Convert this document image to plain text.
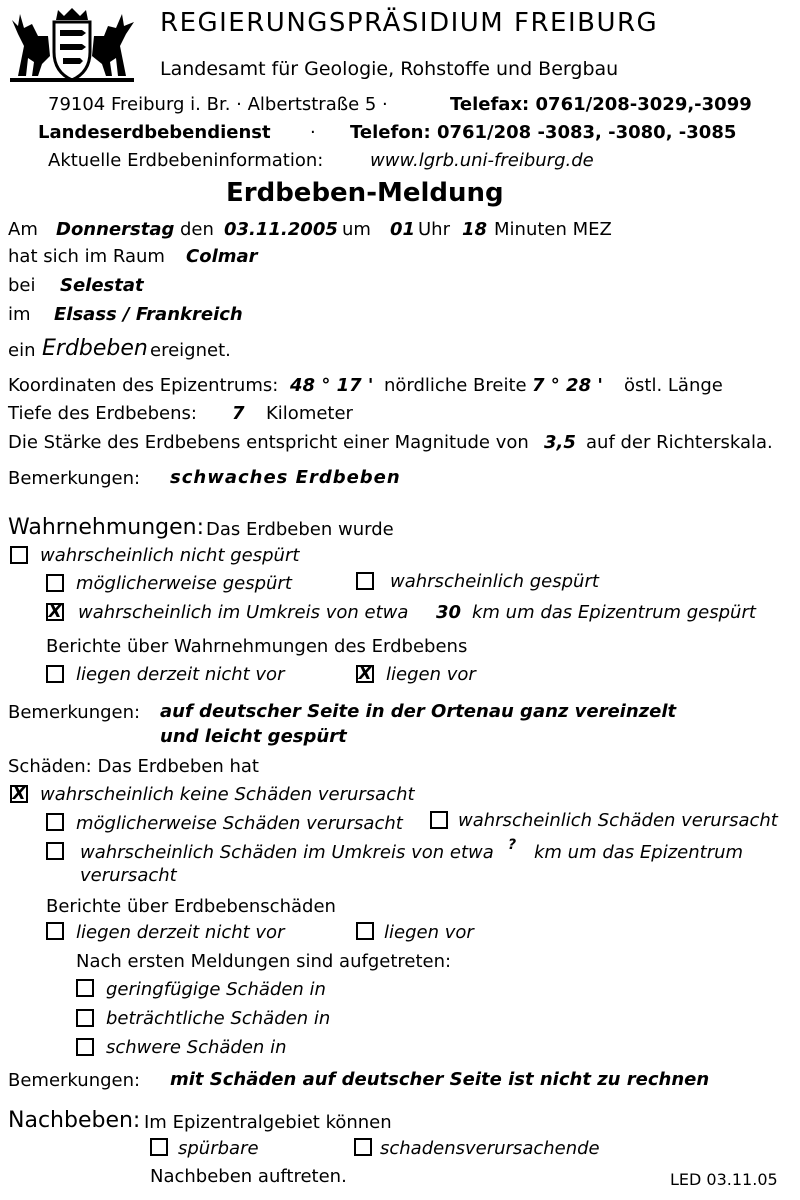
REGIERUNGSPRÄSIDIUM FREIBURG
Landesamt für Geologie, Rohstoffe und Bergbau
79104 Freiburg i. Br. · Albertstraße 5 ·	Telefax: 0761/208-3029,-3099
Landeserdbebendienst · Telefon: 0761/208 -3083, -3080, -3085
Aktuelle Erdbebeninformation:	www.lgrb.uni-freiburg.de
Erdbeben-Meldung
Am Donnerstag den 03.11.2005 um 01 Uhr 18 Minuten MEZ
hat sich im Raum Colmar
bei Selestat
im Elsass / Frankreich
ein Erdbeben ereignet.
Koordinaten des Epizentrums: 48 ° 17 ' nördliche Breite 7 ° 28 ' östl. Länge
Tiefe des Erdbebens: 7 Kilometer
Die Stärke des Erdbebens entspricht einer Magnitude von 3,5 auf der Richterskala.
Bemerkungen: schwaches Erdbeben
Wahrnehmungen: Das Erdbeben wurde
wahrscheinlich nicht gespürt
möglicherweise gespürt	wahrscheinlich gespürt
X wahrscheinlich im Umkreis von etwa 30 km um das Epizentrum gespürt
Berichte über Wahrnehmungen des Erdbebens
liegen derzeit nicht vor	X liegen vor
Bemerkungen: auf deutscher Seite in der Ortenau ganz vereinzelt
und leicht gespürt
Schäden: Das Erdbeben hat
X wahrscheinlich keine Schäden verursacht
möglicherweise Schäden verursacht	wahrscheinlich Schäden verursacht
wahrscheinlich Schäden im Umkreis von etwa ? km um das Epizentrum
verursacht
Berichte über Erdbebenschäden
liegen derzeit nicht vor	liegen vor
Nach ersten Meldungen sind aufgetreten:
geringfügige Schäden in
beträchtliche Schäden in
schwere Schäden in
Bemerkungen: mit Schäden auf deutscher Seite ist nicht zu rechnen
Nachbeben: Im Epizentralgebiet können
spürbare	schadensverursachende
Nachbeben auftreten.	LED 03.11.05
